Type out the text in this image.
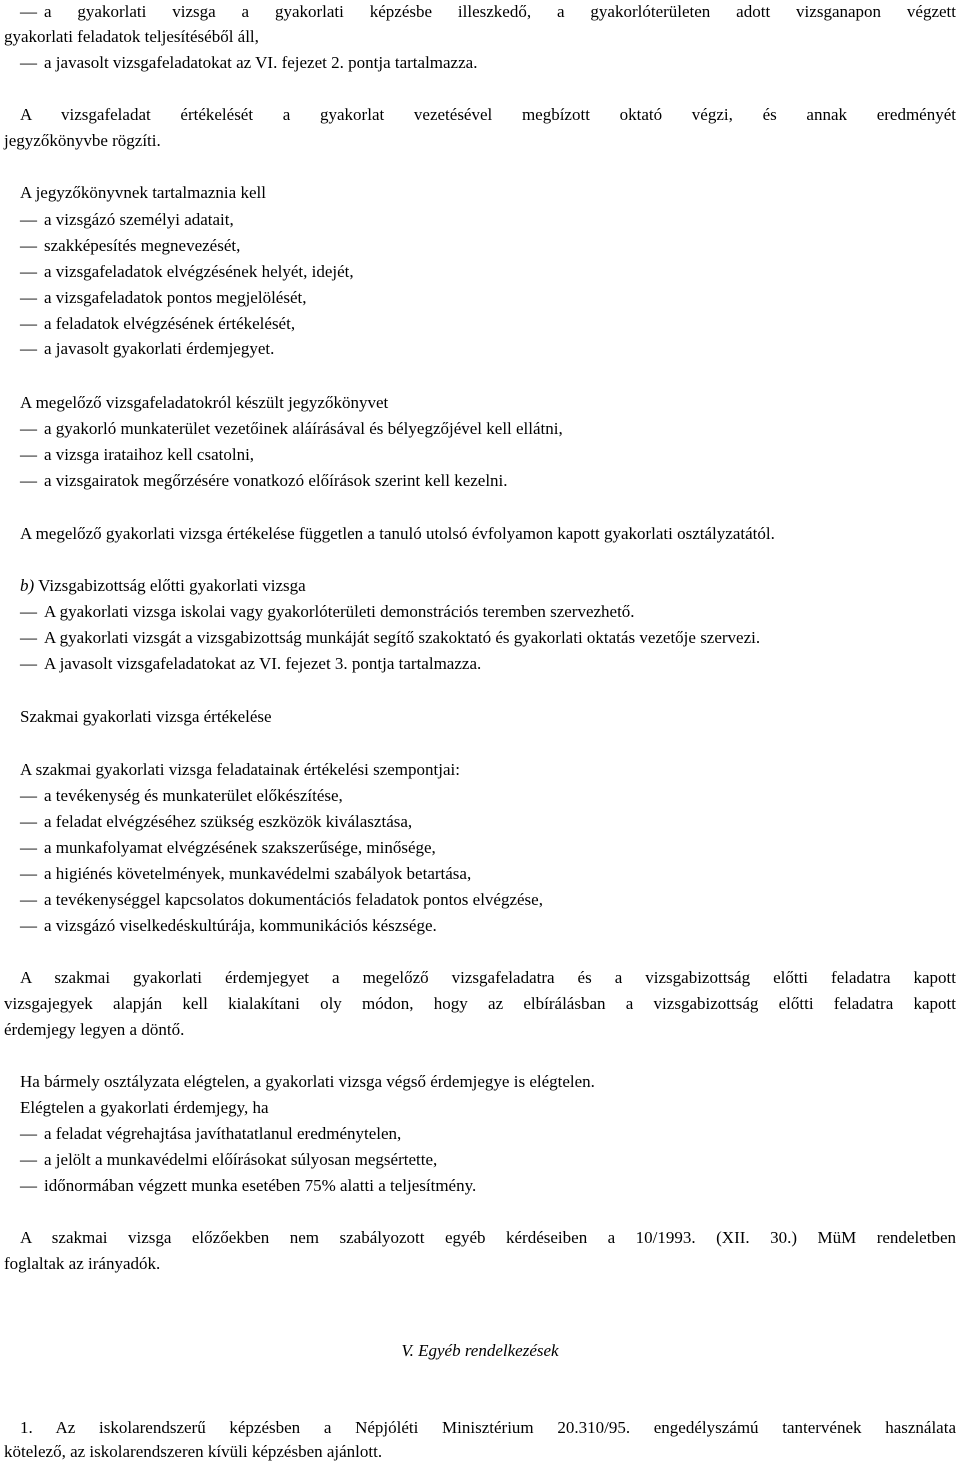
— a gyakorlati vizsga a gyakorlati képzésbe illeszkedő, a gyakorlóterületen adott vizsganapon végzett
gyakorlati feladatok teljesítéséből áll,
— a javasolt vizsgafeladatokat az VI. fejezet 2. pontja tartalmazza.
A vizsgafeladat értékelését a gyakorlat vezetésével megbízott oktató végzi, és annak eredményét
jegyzőkönyvbe rögzíti.
A jegyzőkönyvnek tartalmaznia kell
— a vizsgázó személyi adatait,
— szakképesítés megnevezését,
— a vizsgafeladatok elvégzésének helyét, idejét,
— a vizsgafeladatok pontos megjelölését,
— a feladatok elvégzésének értékelését,
— a javasolt gyakorlati érdemjegyet.
A megelőző vizsgafeladatokról készült jegyzőkönyvet
— a gyakorló munkaterület vezetőinek aláírásával és bélyegzőjével kell ellátni,
— a vizsga irataihoz kell csatolni,
— a vizsgairatok megőrzésére vonatkozó előírások szerint kell kezelni.
A megelőző gyakorlati vizsga értékelése független a tanuló utolsó évfolyamon kapott gyakorlati osztályzatától.
b) Vizsgabizottság előtti gyakorlati vizsga
— A gyakorlati vizsga iskolai vagy gyakorlóterületi demonstrációs teremben szervezhető.
— A gyakorlati vizsgát a vizsgabizottság munkáját segítő szakoktató és gyakorlati oktatás vezetője szervezi.
— A javasolt vizsgafeladatokat az VI. fejezet 3. pontja tartalmazza.
Szakmai gyakorlati vizsga értékelése
A szakmai gyakorlati vizsga feladatainak értékelési szempontjai:
— a tevékenység és munkaterület előkészítése,
— a feladat elvégzéséhez szükség eszközök kiválasztása,
— a munkafolyamat elvégzésének szakszerűsége, minősége,
— a higiénés követelmények, munkavédelmi szabályok betartása,
— a tevékenységgel kapcsolatos dokumentációs feladatok pontos elvégzése,
— a vizsgázó viselkedéskultúrája, kommunikációs készsége.
A szakmai gyakorlati érdemjegyet a megelőző vizsgafeladatra és a vizsgabizottság előtti feladatra kapott
vizsgajegyek alapján kell kialakítani oly módon, hogy az elbírálásban a vizsgabizottság előtti feladatra kapott
érdemjegy legyen a döntő.
Ha bármely osztályzata elégtelen, a gyakorlati vizsga végső érdemjegye is elégtelen.
Elégtelen a gyakorlati érdemjegy, ha
— a feladat végrehajtása javíthatatlanul eredménytelen,
— a jelölt a munkavédelmi előírásokat súlyosan megsértette,
— időnormában végzett munka esetében 75% alatti a teljesítmény.
A szakmai vizsga előzőekben nem szabályozott egyéb kérdéseiben a 10/1993. (XII. 30.) MüM rendeletben
foglaltak az irányadók.
V. Egyéb rendelkezések
1. Az iskolarendszerű képzésben a Népjóléti Minisztérium 20.310/95. engedélyszámú tantervének használata
kötelező, az iskolarendszeren kívüli képzésben ajánlott.
